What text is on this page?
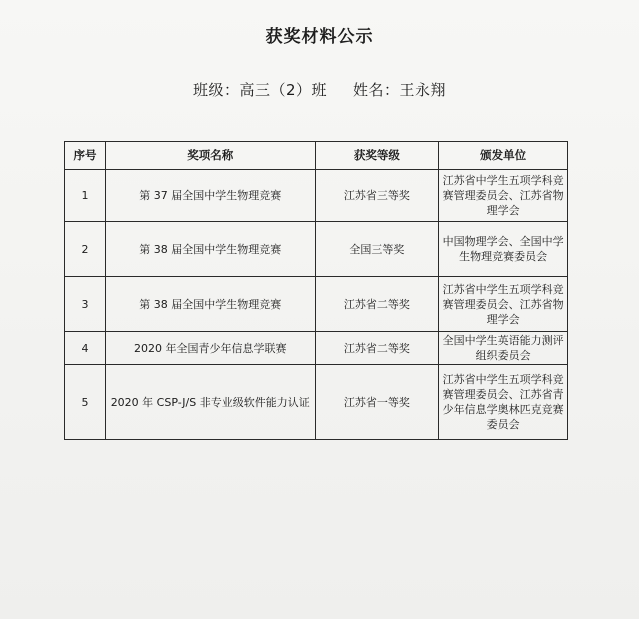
获奖材料公示
班级：高三（2）班 姓名：王永翔
序号	奖项名称	获奖等级	颁发单位
1	第 37 届全国中学生物理竞赛	江苏省三等奖	江苏省中学生五项学科竞赛管理委员会、江苏省物理学会
2	第 38 届全国中学生物理竞赛	全国三等奖	中国物理学会、全国中学生物理竞赛委员会
3	第 38 届全国中学生物理竞赛	江苏省二等奖	江苏省中学生五项学科竞赛管理委员会、江苏省物理学会
4	2020 年全国青少年信息学联赛	江苏省二等奖	全国中学生英语能力测评组织委员会
5	2020 年 CSP-J/S 非专业级软件能力认证	江苏省一等奖	江苏省中学生五项学科竞赛管理委员会、江苏省青少年信息学奥林匹克竞赛委员会
